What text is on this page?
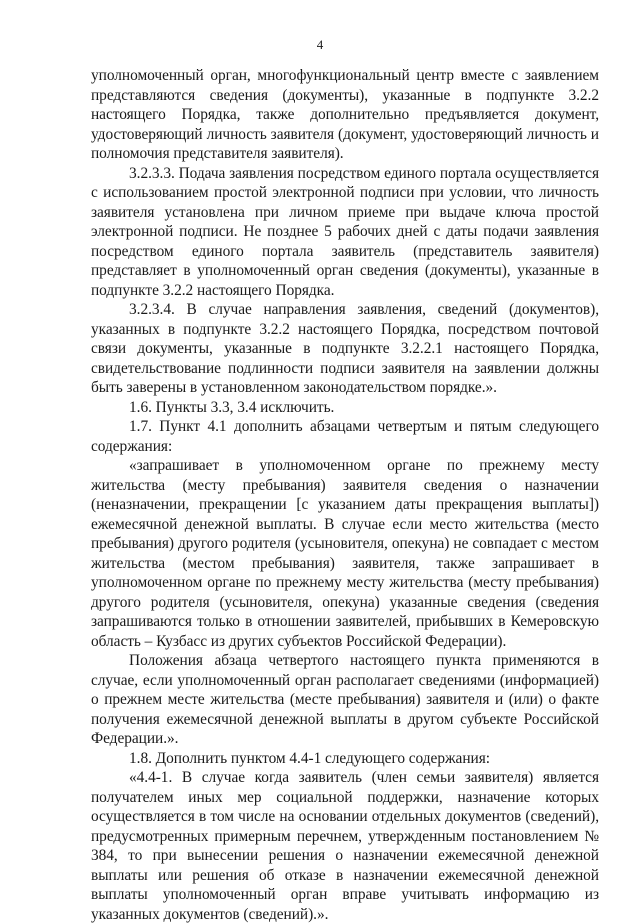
4

уполномоченный орган, многофункциональный центр вместе с заявлением представляются сведения (документы), указанные в подпункте 3.2.2 настоящего Порядка, также дополнительно предъявляется документ, удостоверяющий личность заявителя (документ, удостоверяющий личность и полномочия представителя заявителя).

3.2.3.3. Подача заявления посредством единого портала осуществляется с использованием простой электронной подписи при условии, что личность заявителя установлена при личном приеме при выдаче ключа простой электронной подписи. Не позднее 5 рабочих дней с даты подачи заявления посредством единого портала заявитель (представитель заявителя) представляет в уполномоченный орган сведения (документы), указанные в подпункте 3.2.2 настоящего Порядка.

3.2.3.4. В случае направления заявления, сведений (документов), указанных в подпункте 3.2.2 настоящего Порядка, посредством почтовой связи документы, указанные в подпункте 3.2.2.1 настоящего Порядка, свидетельствование подлинности подписи заявителя на заявлении должны быть заверены в установленном законодательством порядке.».

1.6. Пункты 3.3, 3.4 исключить.

1.7. Пункт 4.1 дополнить абзацами четвертым и пятым следующего содержания:

«запрашивает в уполномоченном органе по прежнему месту жительства (месту пребывания) заявителя сведения о назначении (неназначении, прекращении [с указанием даты прекращения выплаты]) ежемесячной денежной выплаты. В случае если место жительства (место пребывания) другого родителя (усыновителя, опекуна) не совпадает с местом жительства (местом пребывания) заявителя, также запрашивает в уполномоченном органе по прежнему месту жительства (месту пребывания) другого родителя (усыновителя, опекуна) указанные сведения (сведения запрашиваются только в отношении заявителей, прибывших в Кемеровскую область – Кузбасс из других субъектов Российской Федерации).

Положения абзаца четвертого настоящего пункта применяются в случае, если уполномоченный орган располагает сведениями (информацией) о прежнем месте жительства (месте пребывания) заявителя и (или) о факте получения ежемесячной денежной выплаты в другом субъекте Российской Федерации.».

1.8. Дополнить пунктом 4.4-1 следующего содержания:

«4.4-1. В случае когда заявитель (член семьи заявителя) является получателем иных мер социальной поддержки, назначение которых осуществляется в том числе на основании отдельных документов (сведений), предусмотренных примерным перечнем, утвержденным постановлением № 384, то при вынесении решения о назначении ежемесячной денежной выплаты или решения об отказе в назначении ежемесячной денежной выплаты уполномоченный орган вправе учитывать информацию из указанных документов (сведений).».
